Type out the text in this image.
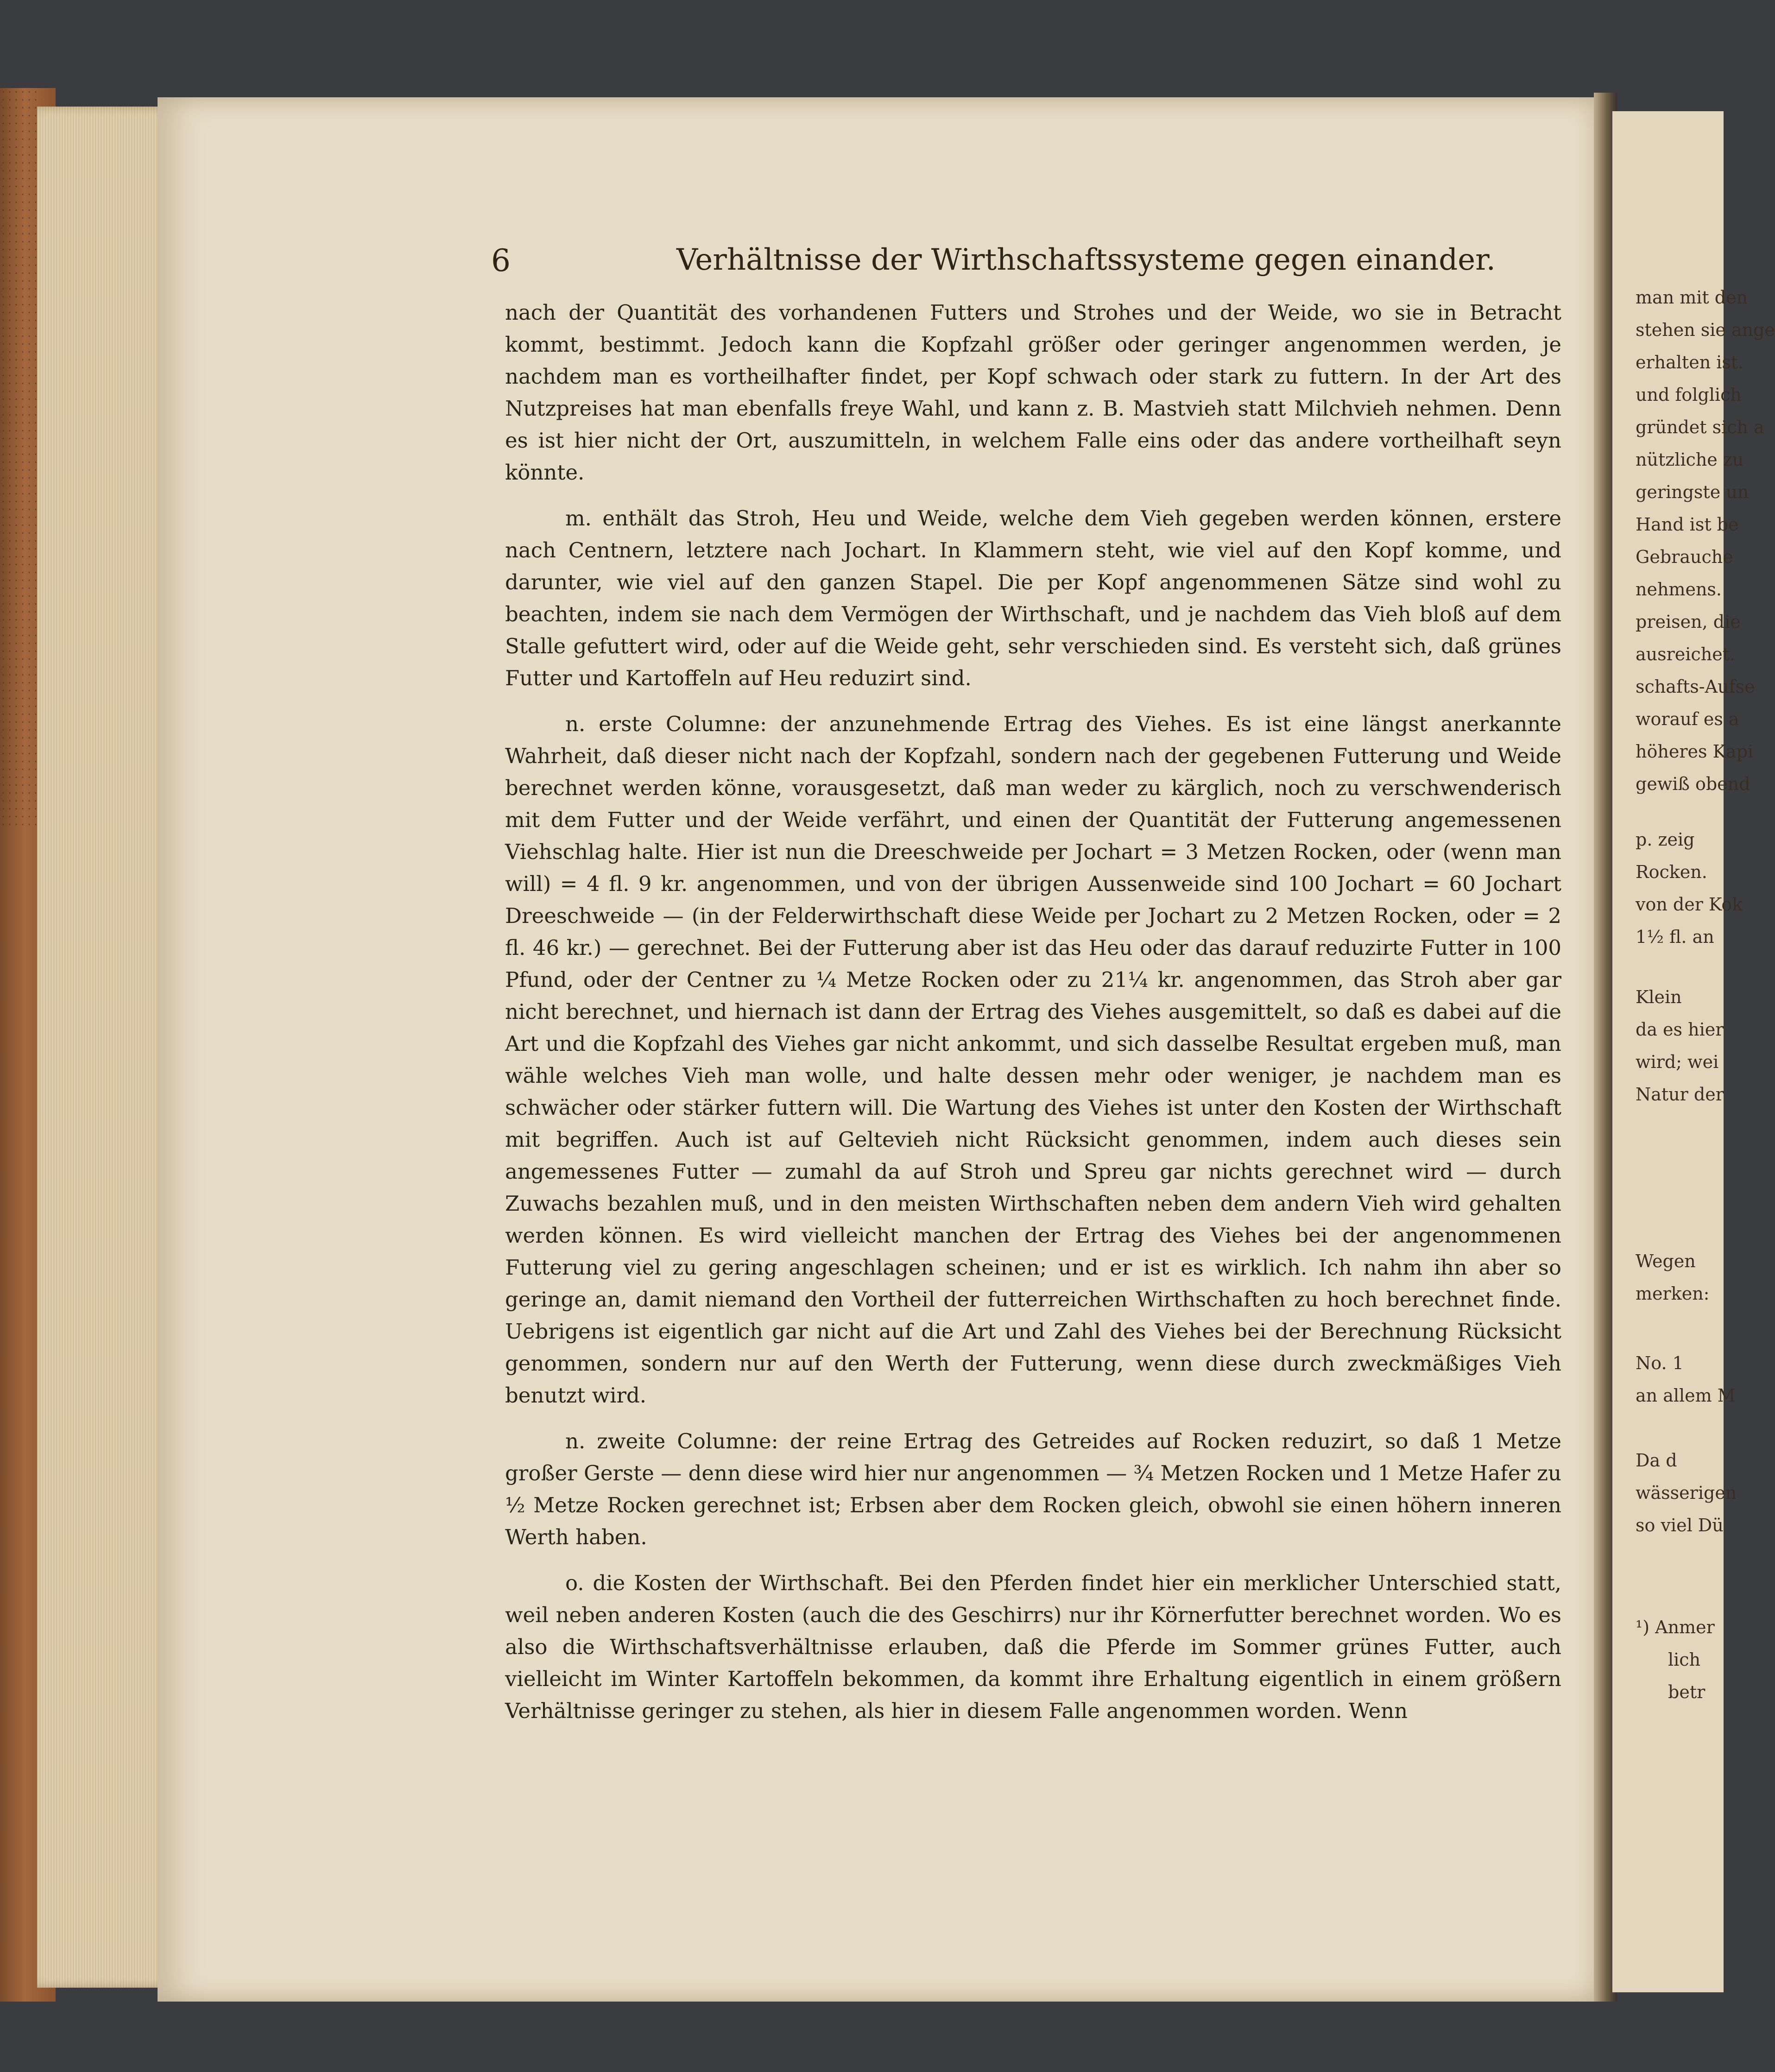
6	Verhältnisse der Wirthschaftssysteme gegen einander.

nach der Quantität des vorhandenen Futters und Strohes und der Weide, wo sie in Betracht kommt, bestimmt. Jedoch kann die Kopfzahl größer oder geringer angenommen werden, je nachdem man es vortheilhafter findet, per Kopf schwach oder stark zu futtern. In der Art des Nutzpreises hat man ebenfalls freye Wahl, und kann z. B. Mastvieh statt Milchvieh nehmen. Denn es ist hier nicht der Ort, auszumitteln, in welchem Falle eins oder das andere vortheilhaft seyn könnte.

m. enthält das Stroh, Heu und Weide, welche dem Vieh gegeben werden können, erstere nach Centnern, letztere nach Jochart. In Klammern steht, wie viel auf den Kopf komme, und darunter, wie viel auf den ganzen Stapel. Die per Kopf angenommenen Sätze sind wohl zu beachten, indem sie nach dem Vermögen der Wirthschaft, und je nachdem das Vieh bloß auf dem Stalle gefuttert wird, oder auf die Weide geht, sehr verschieden sind. Es versteht sich, daß grünes Futter und Kartoffeln auf Heu reduzirt sind.

n. erste Columne: der anzunehmende Ertrag des Viehes. Es ist eine längst anerkannte Wahrheit, daß dieser nicht nach der Kopfzahl, sondern nach der gegebenen Futterung und Weide berechnet werden könne, vorausgesetzt, daß man weder zu kärglich, noch zu verschwenderisch mit dem Futter und der Weide verfährt, und einen der Quantität der Futterung angemessenen Viehschlag halte. Hier ist nun die Dreeschweide per Jochart = 3 Metzen Rocken, oder (wenn man will) = 4 fl. 9 kr. angenommen, und von der übrigen Aussenweide sind 100 Jochart = 60 Jochart Dreeschweide — (in der Felderwirthschaft diese Weide per Jochart zu 2 Metzen Rocken, oder = 2 fl. 46 kr.) — gerechnet. Bei der Futterung aber ist das Heu oder das darauf reduzirte Futter in 100 Pfund, oder der Centner zu ¼ Metze Rocken oder zu 21¼ kr. angenommen, das Stroh aber gar nicht berechnet, und hiernach ist dann der Ertrag des Viehes ausgemittelt, so daß es dabei auf die Art und die Kopfzahl des Viehes gar nicht ankommt, und sich dasselbe Resultat ergeben muß, man wähle welches Vieh man wolle, und halte dessen mehr oder weniger, je nachdem man es schwächer oder stärker futtern will. Die Wartung des Viehes ist unter den Kosten der Wirthschaft mit begriffen. Auch ist auf Geltevieh nicht Rücksicht genommen, indem auch dieses sein angemessenes Futter — zumahl da auf Stroh und Spreu gar nichts gerechnet wird — durch Zuwachs bezahlen muß, und in den meisten Wirthschaften neben dem andern Vieh wird gehalten werden können. Es wird vielleicht manchen der Ertrag des Viehes bei der angenommenen Futterung viel zu gering angeschlagen scheinen; und er ist es wirklich. Ich nahm ihn aber so geringe an, damit niemand den Vortheil der futterreichen Wirthschaften zu hoch berechnet finde. Uebrigens ist eigentlich gar nicht auf die Art und Zahl des Viehes bei der Berechnung Rücksicht genommen, sondern nur auf den Werth der Futterung, wenn diese durch zweckmäßiges Vieh benutzt wird.

n. zweite Columne: der reine Ertrag des Getreides auf Rocken reduzirt, so daß 1 Metze großer Gerste — denn diese wird hier nur angenommen — ¾ Metzen Rocken und 1 Metze Hafer zu ½ Metze Rocken gerechnet ist; Erbsen aber dem Rocken gleich, obwohl sie einen höhern inneren Werth haben.

o. die Kosten der Wirthschaft. Bei den Pferden findet hier ein merklicher Unterschied statt, weil neben anderen Kosten (auch die des Geschirrs) nur ihr Körnerfutter berechnet worden. Wo es also die Wirthschaftsverhältnisse erlauben, daß die Pferde im Sommer grünes Futter, auch vielleicht im Winter Kartoffeln bekommen, da kommt ihre Erhaltung eigentlich in einem größern Verhältnisse geringer zu stehen, als hier in diesem Falle angenommen worden. Wenn

man mit den
stehen sie ange
erhalten ist.
und folglich
gründet sich a
nützliche zu
geringste un
Hand ist be
Gebrauche
nehmens.
preisen, die
ausreichet.
schafts-Aufse
worauf es a
höheres Kapi
gewiß obend
p. zeig
Rocken.
von der Kok
1½ fl. an
Klein
da es hier
wird; wei
Natur der
Wegen
merken:
No. 1
an allem M
Da d
wässerigen
so viel Dü
¹) Anmer
lich
betr
